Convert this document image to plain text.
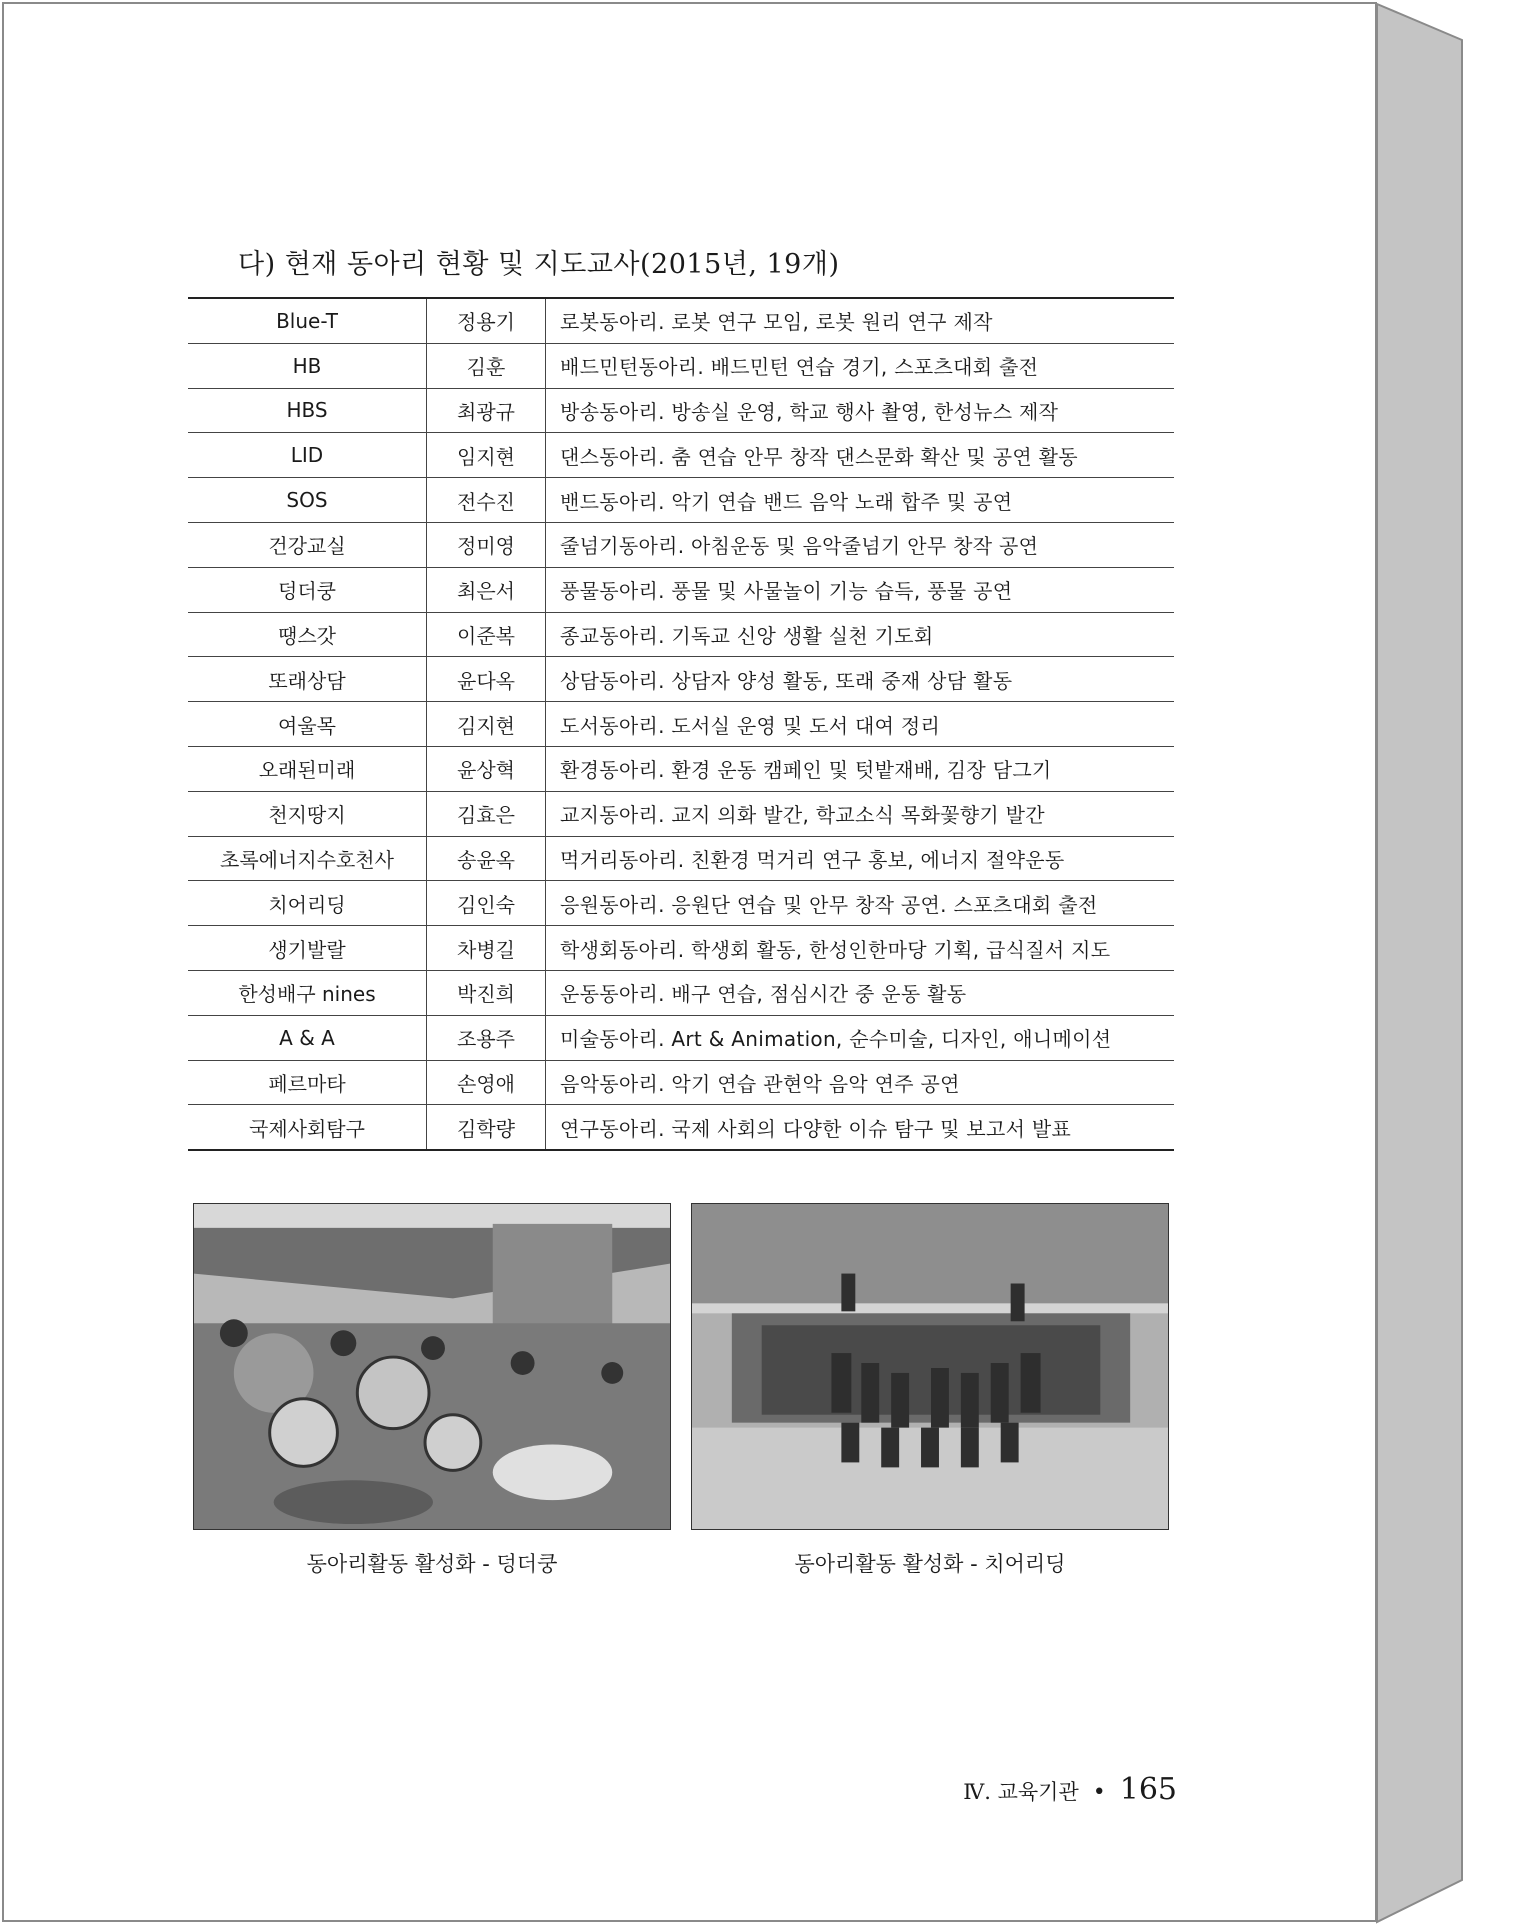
다) 현재 동아리 현황 및 지도교사(2015년, 19개)
Blue-T	정용기	로봇동아리. 로봇 연구 모임, 로봇 원리 연구 제작
HB	김훈	배드민턴동아리. 배드민턴 연습 경기, 스포츠대회 출전
HBS	최광규	방송동아리. 방송실 운영, 학교 행사 촬영, 한성뉴스 제작
LID	임지현	댄스동아리. 춤 연습 안무 창작 댄스문화 확산 및 공연 활동
SOS	전수진	밴드동아리. 악기 연습 밴드 음악 노래 합주 및 공연
건강교실	정미영	줄넘기동아리. 아침운동 및 음악줄넘기 안무 창작 공연
덩더쿵	최은서	풍물동아리. 풍물 및 사물놀이 기능 습득, 풍물 공연
땡스갓	이준복	종교동아리. 기독교 신앙 생활 실천 기도회
또래상담	윤다옥	상담동아리. 상담자 양성 활동, 또래 중재 상담 활동
여울목	김지현	도서동아리. 도서실 운영 및 도서 대여 정리
오래된미래	윤상혁	환경동아리. 환경 운동 캠페인 및 텃밭재배, 김장 담그기
천지땅지	김효은	교지동아리. 교지 의화 발간, 학교소식 목화꽃향기 발간
초록에너지수호천사	송윤옥	먹거리동아리. 친환경 먹거리 연구 홍보, 에너지 절약운동
치어리딩	김인숙	응원동아리. 응원단 연습 및 안무 창작 공연. 스포츠대회 출전
생기발랄	차병길	학생회동아리. 학생회 활동, 한성인한마당 기획, 급식질서 지도
한성배구 nines	박진희	운동동아리. 배구 연습, 점심시간 중 운동 활동
A & A	조용주	미술동아리. Art & Animation, 순수미술, 디자인, 애니메이션
페르마타	손영애	음악동아리. 악기 연습 관현악 음악 연주 공연
국제사회탐구	김학량	연구동아리. 국제 사회의 다양한 이슈 탐구 및 보고서 발표
동아리활동 활성화 - 덩더쿵	동아리활동 활성화 - 치어리딩
Ⅳ. 교육기관 • 165
